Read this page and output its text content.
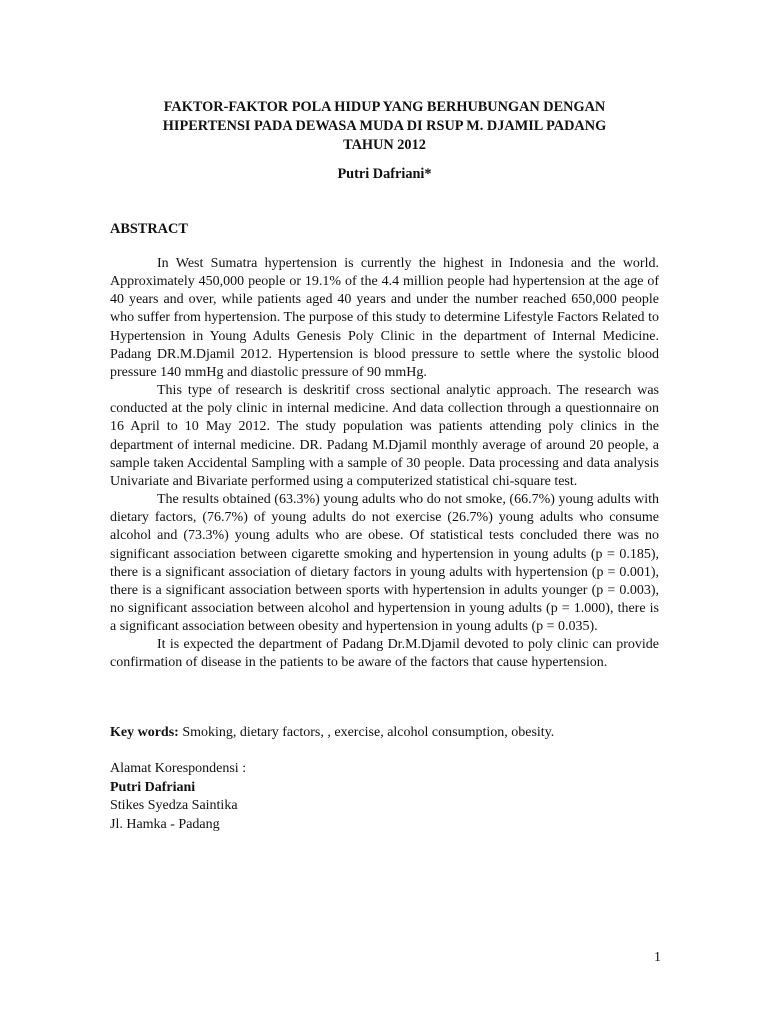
FAKTOR-FAKTOR POLA HIDUP YANG BERHUBUNGAN DENGAN
HIPERTENSI PADA DEWASA MUDA DI RSUP M. DJAMIL PADANG
TAHUN 2012
Putri Dafriani*
ABSTRACT

In West Sumatra hypertension is currently the highest in Indonesia and the world. Approximately 450,000 people or 19.1% of the 4.4 million people had hypertension at the age of 40 years and over, while patients aged 40 years and under the number reached 650,000 people who suffer from hypertension. The purpose of this study to determine Lifestyle Factors Related to Hypertension in Young Adults Genesis Poly Clinic in the department of Internal Medicine. Padang DR.M.Djamil 2012. Hypertension is blood pressure to settle where the systolic blood pressure 140 mmHg and diastolic pressure of 90 mmHg.

This type of research is deskritif cross sectional analytic approach. The research was conducted at the poly clinic in internal medicine. And data collection through a questionnaire on 16 April to 10 May 2012. The study population was patients attending poly clinics in the department of internal medicine. DR. Padang M.Djamil monthly average of around 20 people, a sample taken Accidental Sampling with a sample of 30 people. Data processing and data analysis Univariate and Bivariate performed using a computerized statistical chi-square test.

The results obtained (63.3%) young adults who do not smoke, (66.7%) young adults with dietary factors, (76.7%) of young adults do not exercise (26.7%) young adults who consume alcohol and (73.3%) young adults who are obese. Of statistical tests concluded there was no significant association between cigarette smoking and hypertension in young adults (p = 0.185), there is a significant association of dietary factors in young adults with hypertension (p = 0.001), there is a significant association between sports with hypertension in adults younger (p = 0.003), no significant association between alcohol and hypertension in young adults (p = 1.000), there is a significant association between obesity and hypertension in young adults (p = 0.035).

It is expected the department of Padang Dr.M.Djamil devoted to poly clinic can provide confirmation of disease in the patients to be aware of the factors that cause hypertension.

Key words: Smoking, dietary factors, , exercise, alcohol consumption, obesity.
Alamat Korespondensi :
Putri Dafriani
Stikes Syedza Saintika
Jl. Hamka - Padang
1
